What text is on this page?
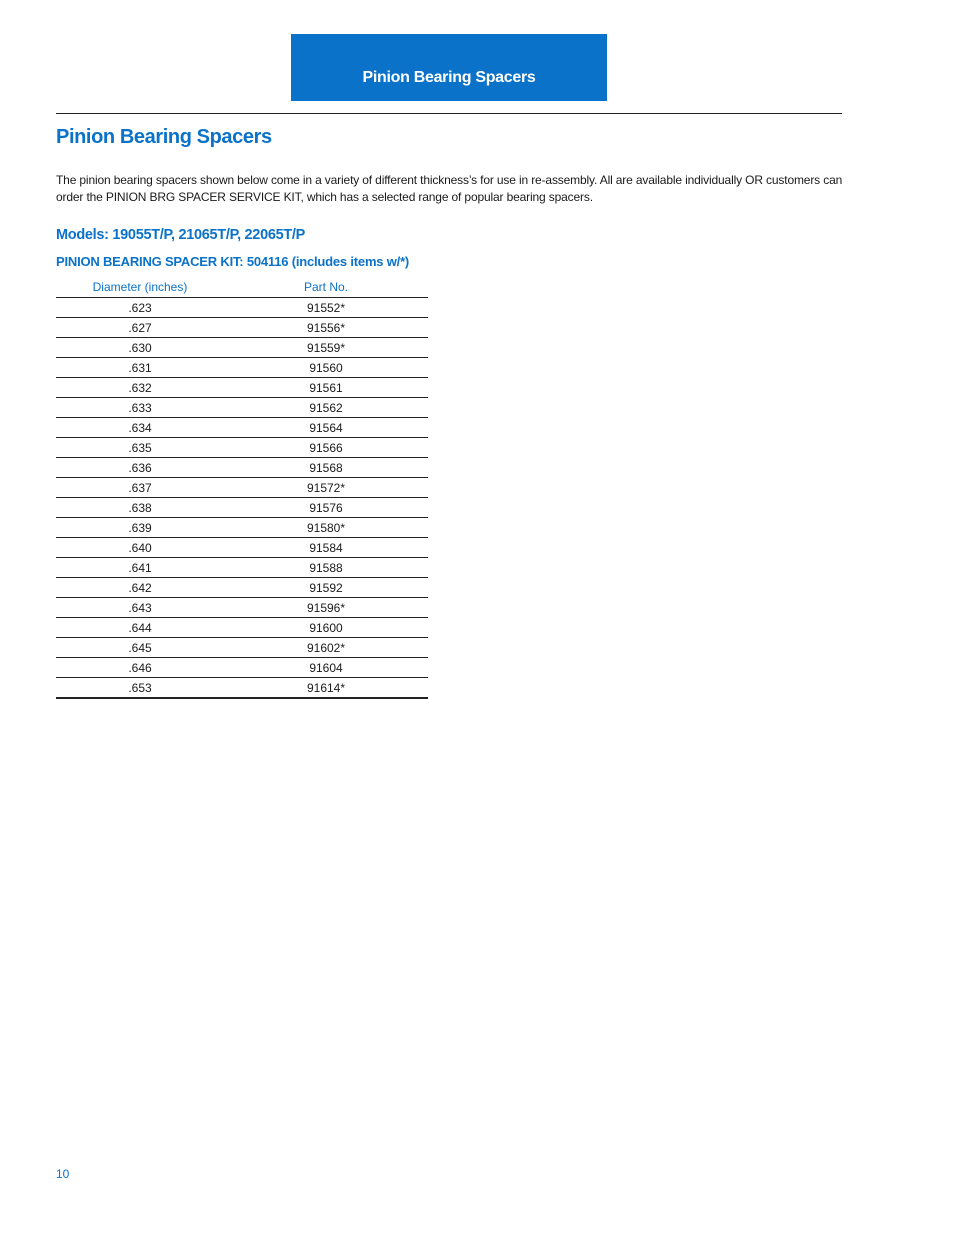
Pinion Bearing Spacers
Pinion Bearing Spacers

The pinion bearing spacers shown below come in a variety of different thickness’s for use in re-assembly. All are available individually OR customers can order the PINION BRG SPACER SERVICE KIT, which has a selected range of popular bearing spacers.

Models: 19055T/P, 21065T/P, 22065T/P
PINION BEARING SPACER KIT: 504116 (includes items w/*)
Diameter (inches)	Part No.
.623	91552*
.627	91556*
.630	91559*
.631	91560
.632	91561
.633	91562
.634	91564
.635	91566
.636	91568
.637	91572*
.638	91576
.639	91580*
.640	91584
.641	91588
.642	91592
.643	91596*
.644	91600
.645	91602*
.646	91604
.653	91614*
10
